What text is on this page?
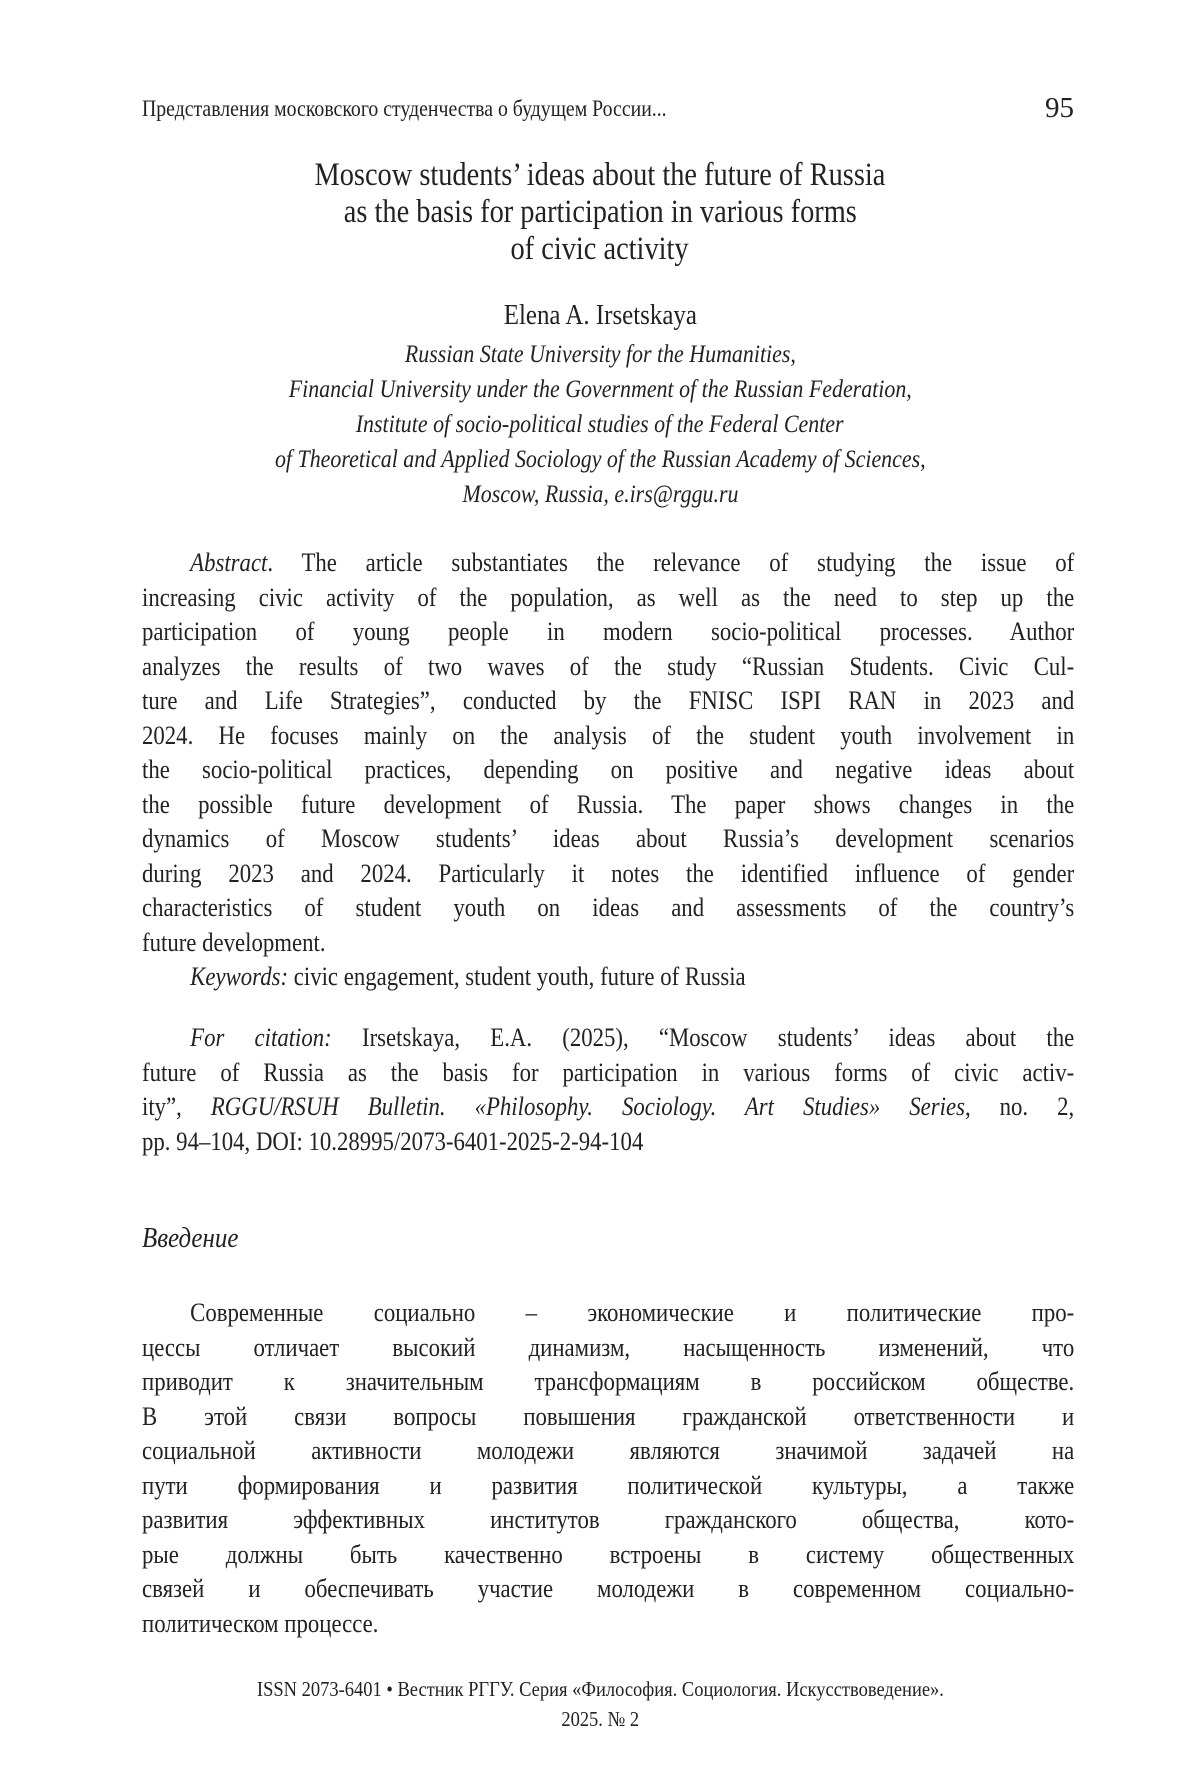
Представления московского студенчества о будущем России...	95
Moscow students’ ideas about the future of Russia
as the basis for participation in various forms
of civic activity
Elena A. Irsetskaya
Russian State University for the Humanities,
Financial University under the Government of the Russian Federation,
Institute of socio-political studies of the Federal Center
of Theoretical and Applied Sociology of the Russian Academy of Sciences,
Moscow, Russia, e.irs@rggu.ru
Abstract. The article substantiates the relevance of studying the issue of
increasing civic activity of the population, as well as the need to step up the
participation of young people in modern socio-political processes. Author
analyzes the results of two waves of the study “Russian Students. Civic Cul-
ture and Life Strategies”, conducted by the FNISC ISPI RAN in 2023 and
2024. He focuses mainly on the analysis of the student youth involvement in
the socio-political practices, depending on positive and negative ideas about
the possible future development of Russia. The paper shows changes in the
dynamics of Moscow students’ ideas about Russia’s development scenarios
during 2023 and 2024. Particularly it notes the identified influence of gender
characteristics of student youth on ideas and assessments of the country’s
future development.
Keywords: civic engagement, student youth, future of Russia
For citation: Irsetskaya, E.A. (2025), “Moscow students’ ideas about the
future of Russia as the basis for participation in various forms of civic activ-
ity”, RGGU/RSUH Bulletin. «Philosophy. Sociology. Art Studies» Series, no. 2,
pp. 94–104, DOI: 10.28995/2073-6401-2025-2-94-104
Введение
Современные социально – экономические и политические про-
цессы отличает высокий динамизм, насыщенность изменений, что
приводит к значительным трансформациям в российском обществе.
В этой связи вопросы повышения гражданской ответственности и
социальной активности молодежи являются значимой задачей на
пути формирования и развития политической культуры, а также
развития эффективных институтов гражданского общества, кото-
рые должны быть качественно встроены в систему общественных
связей и обеспечивать участие молодежи в современном социально-
политическом процессе.
ISSN 2073-6401 • Вестник РГГУ. Серия «Философия. Социология. Искусствоведение».
2025. № 2
